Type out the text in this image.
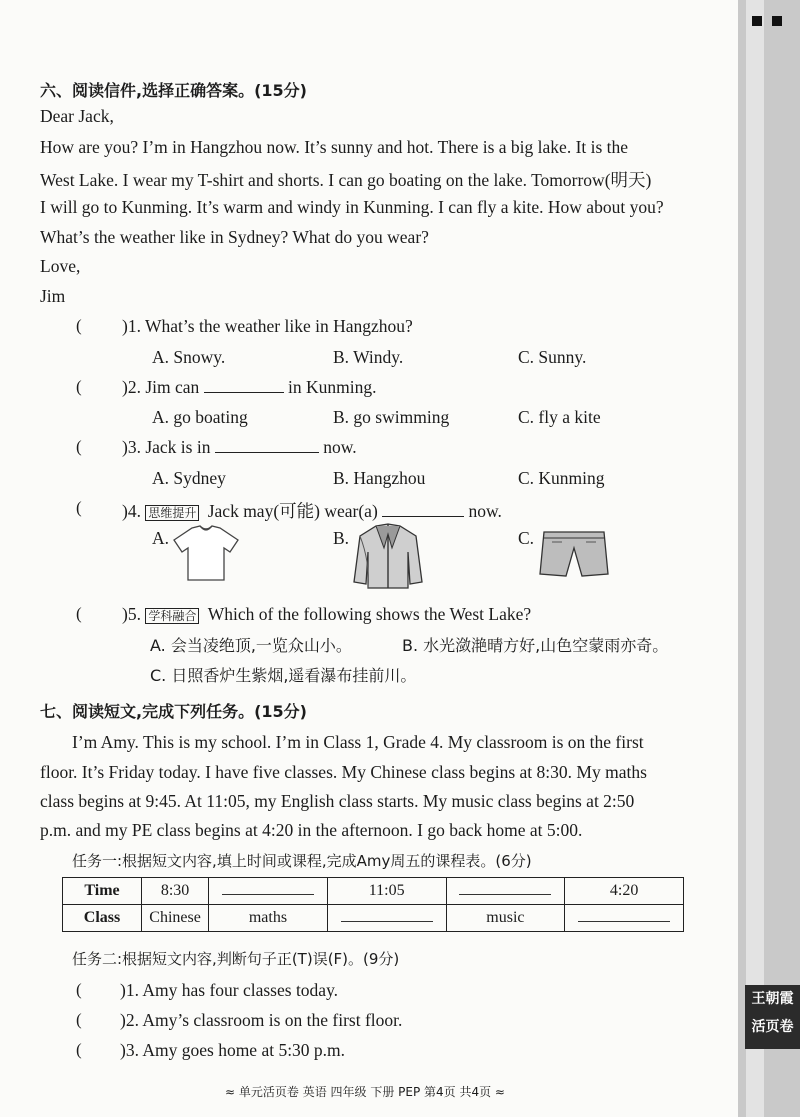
王朝霞
活页卷
六、阅读信件,选择正确答案。(15分)
Dear Jack,
How are you? I’m in Hangzhou now. It’s sunny and hot. There is a big lake. It is the
West Lake. I wear my T-shirt and shorts. I can go boating on the lake. Tomorrow(明天)
I will go to Kunming. It’s warm and windy in Kunming. I can fly a kite. How about you?
What’s the weather like in Sydney? What do you wear?
Love,
Jim
( )1. What’s the weather like in Hangzhou?
A. Snowy.	B. Windy.	C. Sunny.
( )2. Jim can	in Kunming.
A. go boating	B. go swimming	C. fly a kite
( )3. Jack is in	now.
A. Sydney	B. Hangzhou	C. Kunming
( )4. 思维提升 Jack may(可能) wear(a)	now.
A.	B.	C.
( )5. 学科融合 Which of the following shows the West Lake?
A. 会当凌绝顶,一览众山小。	B. 水光潋滟晴方好,山色空蒙雨亦奇。
C. 日照香炉生紫烟,遥看瀑布挂前川。
七、阅读短文,完成下列任务。(15分)
I’m Amy. This is my school. I’m in Class 1, Grade 4. My classroom is on the first
floor. It’s Friday today. I have five classes. My Chinese class begins at 8:30. My maths
class begins at 9:45. At 11:05, my English class starts. My music class begins at 2:50
p.m. and my PE class begins at 4:20 in the afternoon. I go back home at 5:00.
任务一:根据短文内容,填上时间或课程,完成Amy周五的课程表。(6分)
Time	8:30		11:05		4:20
Class	Chinese	maths		music	
任务二:根据短文内容,判断句子正(T)误(F)。(9分)
( )1. Amy has four classes today.
( )2. Amy’s classroom is on the first floor.
( )3. Amy goes home at 5:30 p.m.
≈ 单元活页卷 英语 四年级 下册 PEP 第4页 共4页 ≈
